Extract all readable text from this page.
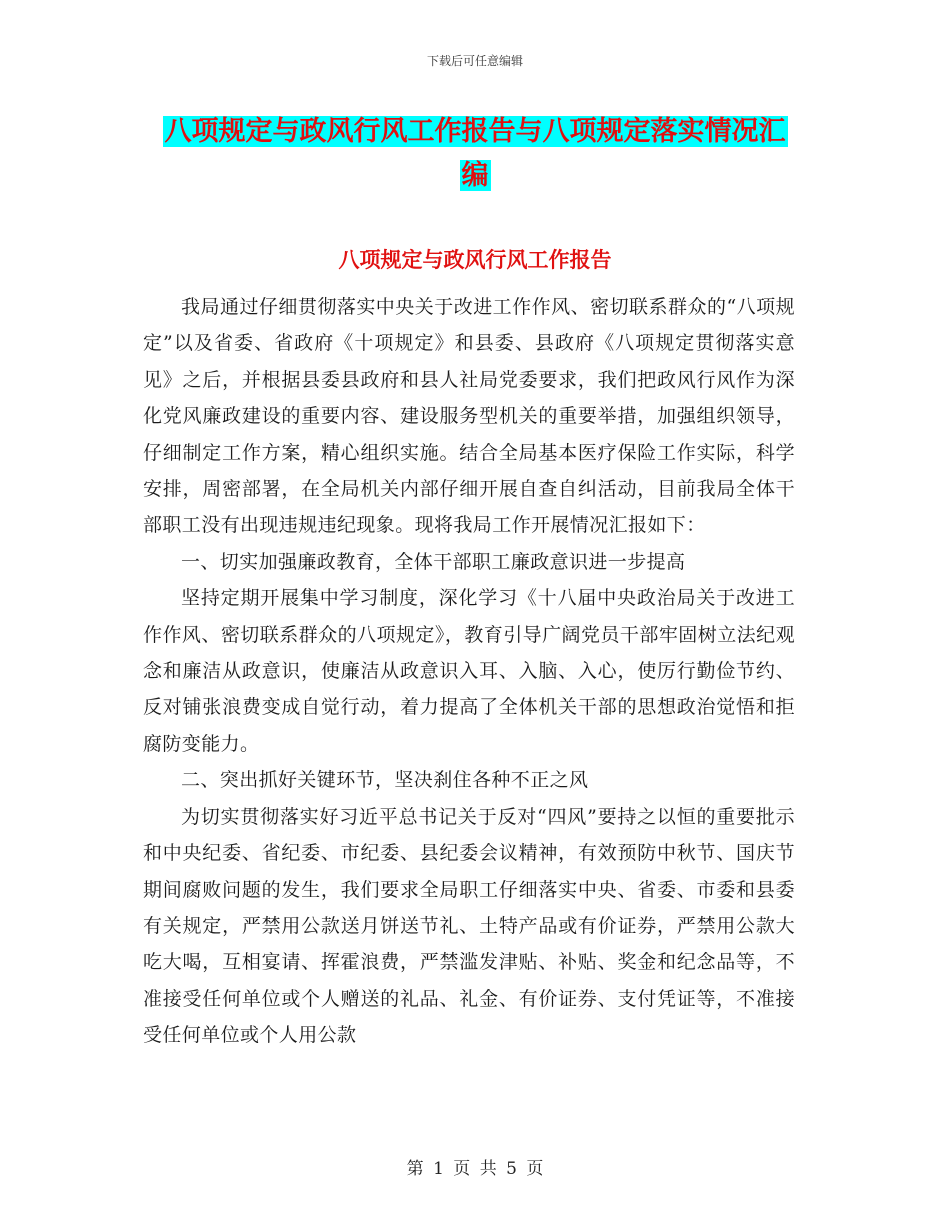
下载后可任意编辑
八项规定与政风行风工作报告与八项规定落实情况汇
编
八项规定与政风行风工作报告

我局通过仔细贯彻落实中央关于改进工作作风、密切联系群众的“八项规定”以及省委、省政府《十项规定》和县委、县政府《八项规定贯彻落实意见》之后，并根据县委县政府和县人社局党委要求，我们把政风行风作为深化党风廉政建设的重要内容、建设服务型机关的重要举措，加强组织领导，仔细制定工作方案，精心组织实施。结合全局基本医疗保险工作实际，科学安排，周密部署，在全局机关内部仔细开展自查自纠活动，目前我局全体干部职工没有出现违规违纪现象。现将我局工作开展情况汇报如下：

一、切实加强廉政教育，全体干部职工廉政意识进一步提高

坚持定期开展集中学习制度，深化学习《十八届中央政治局关于改进工作作风、密切联系群众的八项规定》，教育引导广阔党员干部牢固树立法纪观念和廉洁从政意识，使廉洁从政意识入耳、入脑、入心，使厉行勤俭节约、反对铺张浪费变成自觉行动，着力提高了全体机关干部的思想政治觉悟和拒腐防变能力。

二、突出抓好关键环节，坚决刹住各种不正之风

为切实贯彻落实好习近平总书记关于反对“四风”要持之以恒的重要批示和中央纪委、省纪委、市纪委、县纪委会议精神，有效预防中秋节、国庆节期间腐败问题的发生，我们要求全局职工仔细落实中央、省委、市委和县委有关规定，严禁用公款送月饼送节礼、土特产品或有价证券，严禁用公款大吃大喝，互相宴请、挥霍浪费，严禁滥发津贴、补贴、奖金和纪念品等，不准接受任何单位或个人赠送的礼品、礼金、有价证券、支付凭证等，不准接受任何单位或个人用公款

第 1 页 共 5 页
